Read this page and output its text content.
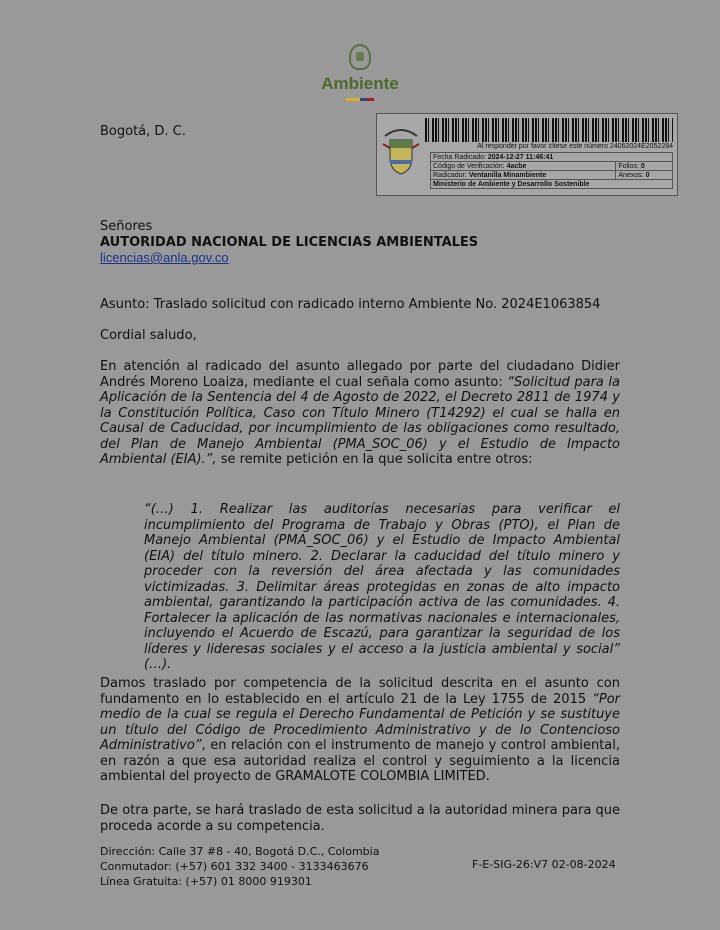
Ambiente
Bogotá, D. C.
Al responder por favor cítese este número 24062024E2052284
Fecha Radicado: 2024-12-27 11:46:41	
Código de Verificación: 4acbe	Folios: 0
Radicador: Ventanilla Minambiente	Anexos: 0
Ministerio de Ambiente y Desarrollo Sostenible	
Señores
AUTORIDAD NACIONAL DE LICENCIAS AMBIENTALES
licencias@anla.gov.co
Asunto: Traslado solicitud con radicado interno Ambiente No. 2024E1063854
Cordial saludo,
En atención al radicado del asunto allegado por parte del ciudadano Didier Andrés Moreno Loaiza, mediante el cual señala como asunto: “Solicitud para la Aplicación de la Sentencia del 4 de Agosto de 2022, el Decreto 2811 de 1974 y la Constitución Política, Caso con Título Minero (T14292) el cual se halla en Causal de Caducidad, por incumplimiento de las obligaciones como resultado, del Plan de Manejo Ambiental (PMA_SOC_06) y el Estudio de Impacto Ambiental (EIA).”, se remite petición en la que solicita entre otros:
“(…) 1. Realizar las auditorías necesarias para verificar el incumplimiento del Programa de Trabajo y Obras (PTO), el Plan de Manejo Ambiental (PMA_SOC_06) y el Estudio de Impacto Ambiental (EIA) del título minero. 2. Declarar la caducidad del título minero y proceder con la reversión del área afectada y las comunidades victimizadas. 3. Delimitar áreas protegidas en zonas de alto impacto ambiental, garantizando la participación activa de las comunidades. 4. Fortalecer la aplicación de las normativas nacionales e internacionales, incluyendo el Acuerdo de Escazú, para garantizar la seguridad de los líderes y lideresas sociales y el acceso a la justicia ambiental y social” (…).
Damos traslado por competencia de la solicitud descrita en el asunto con fundamento en lo establecido en el artículo 21 de la Ley 1755 de 2015 “Por medio de la cual se regula el Derecho Fundamental de Petición y se sustituye un título del Código de Procedimiento Administrativo y de lo Contencioso Administrativo”, en relación con el instrumento de manejo y control ambiental, en razón a que esa autoridad realiza el control y seguimiento a la licencia ambiental del proyecto de GRAMALOTE COLOMBIA LIMITED.
De otra parte, se hará traslado de esta solicitud a la autoridad minera para que proceda acorde a su competencia.
Dirección: Calle 37 #8 - 40, Bogotá D.C., Colombia
Conmutador: (+57) 601 332 3400 - 3133463676
Línea Gratuita: (+57) 01 8000 919301
F-E-SIG-26:V7 02-08-2024
